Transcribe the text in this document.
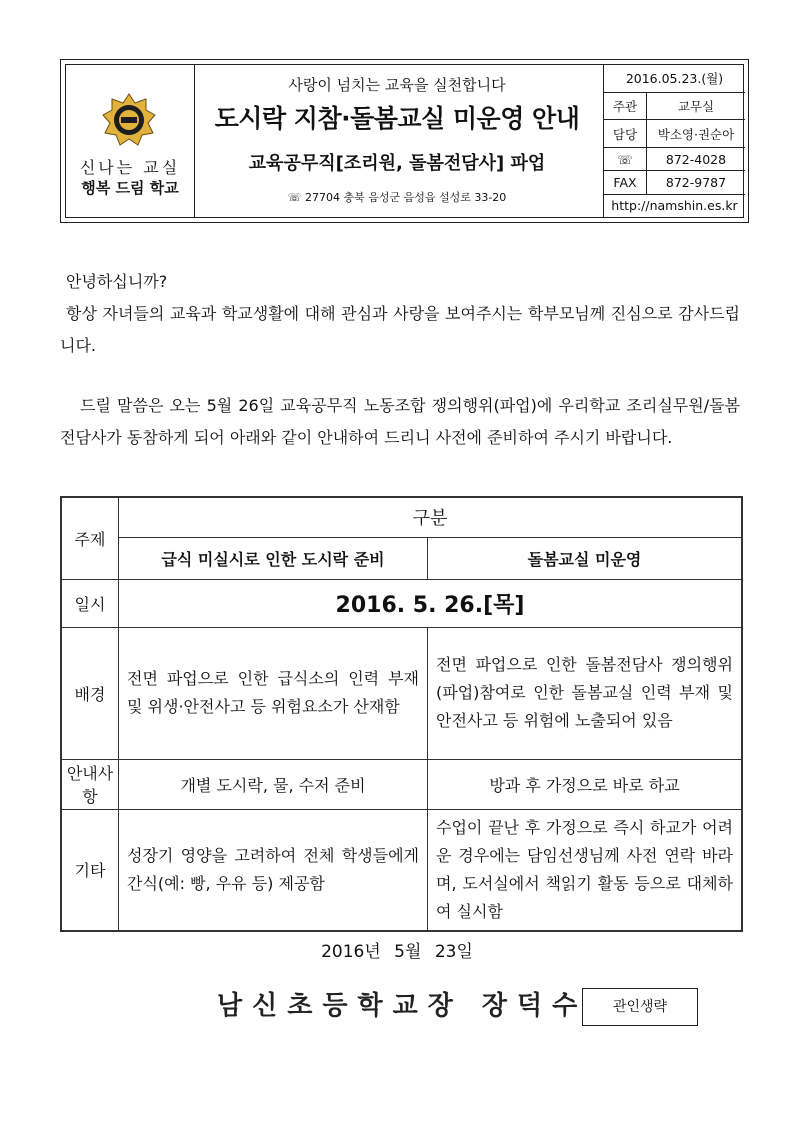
신나는 교실
행복 드림 학교
사랑이 넘치는 교육을 실천합니다
도시락 지참·돌봄교실 미운영 안내
교육공무직[조리원, 돌봄전담사] 파업
☏ 27704 충북 음성군 음성읍 설성로 33-20
2016.05.23.(월)	
주관	교무실
담당	박소영·권순아
☏	872-4028
FAX	872-9787
http://namshin.es.kr	
안녕하십니까?
항상 자녀들의 교육과 학교생활에 대해 관심과 사랑을 보여주시는 학부모님께 진심으로 감사드립니다.
드릴 말씀은 오는 5월 26일 교육공무직 노동조합 쟁의행위(파업)에 우리학교 조리실무원/돌봄전담사가 동참하게 되어 아래와 같이 안내하여 드리니 사전에 준비하여 주시기 바랍니다.
주제	구분	
	급식 미실시로 인한 도시락 준비	돌봄교실 미운영
일시	2016. 5. 26.[목]	
배경	전면 파업으로 인한 급식소의 인력 부재 및 위생·안전사고 등 위험요소가 산재함	전면 파업으로 인한 돌봄전담사 쟁의행위(파업)참여로 인한 돌봄교실 인력 부재 및 안전사고 등 위험에 노출되어 있음
안내사항	개별 도시락, 물, 수저 준비	방과 후 가정으로 바로 하교
기타	성장기 영양을 고려하여 전체 학생들에게 간식(예: 빵, 우유 등) 제공함	수업이 끝난 후 가정으로 즉시 하교가 어려운 경우에는 담임선생님께 사전 연락 바라며, 도서실에서 책읽기 활동 등으로 대체하여 실시함
2016년 5월 23일
남신초등학교장 장덕수	관인생략
